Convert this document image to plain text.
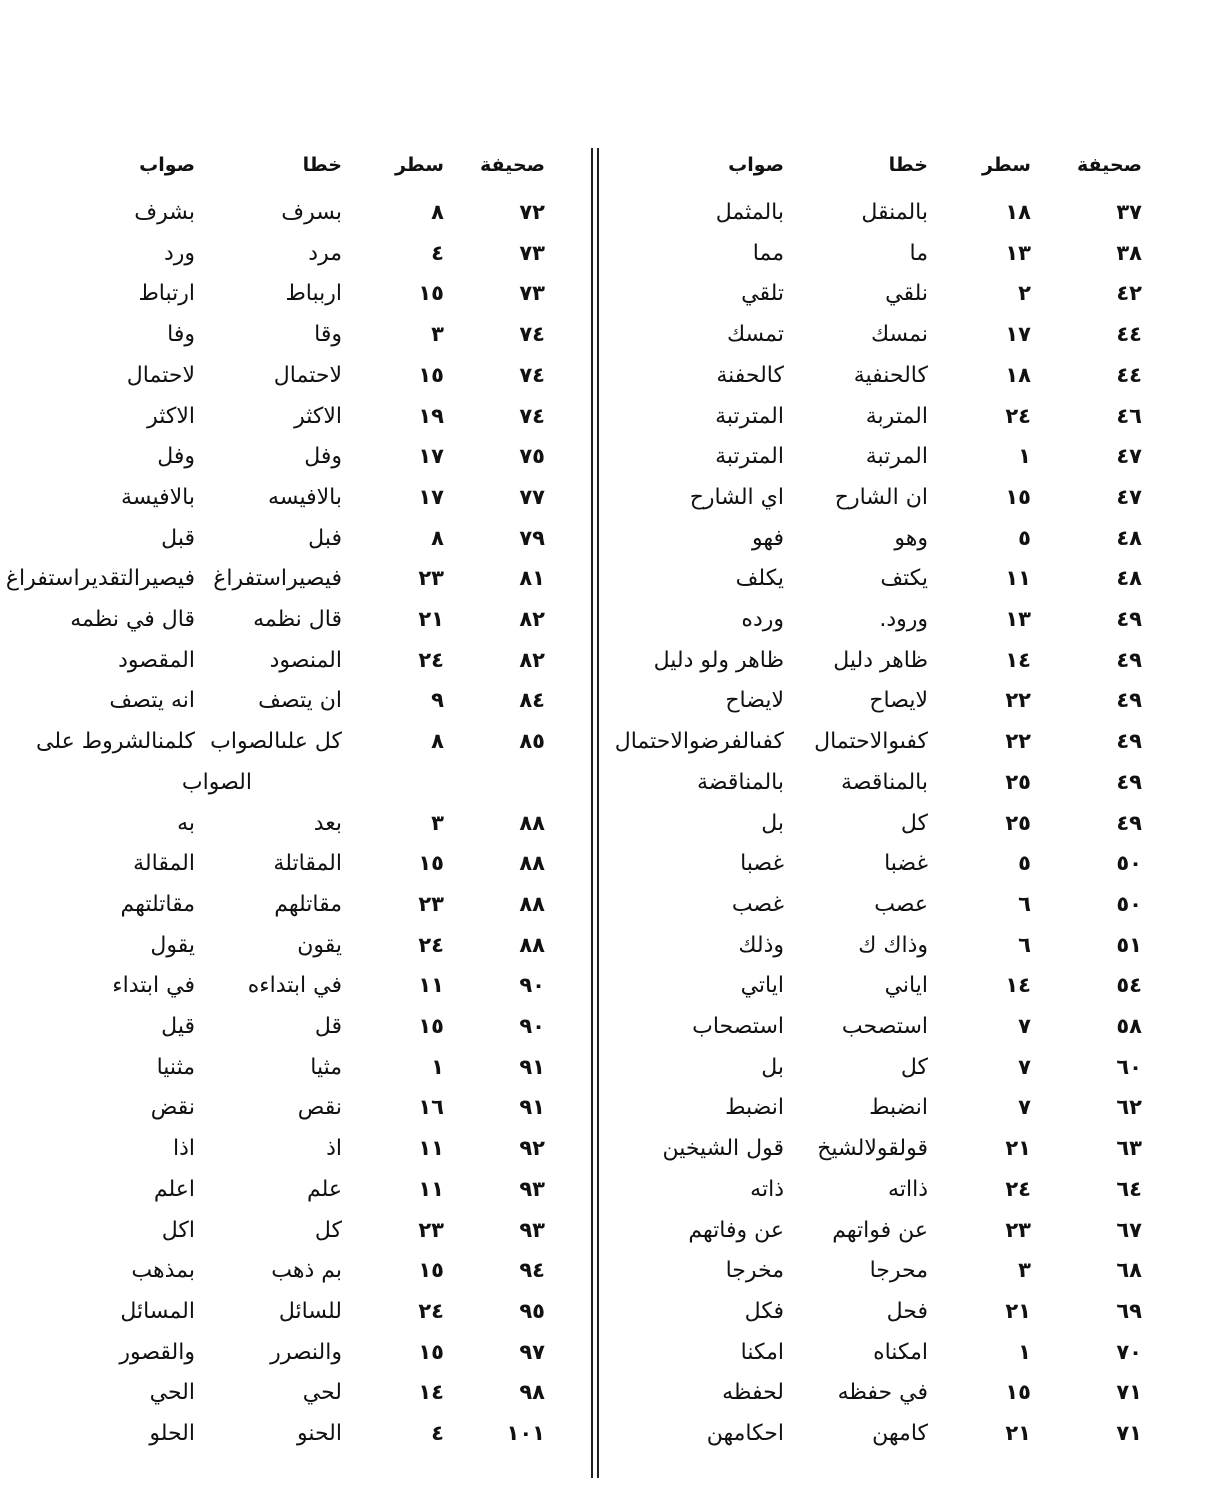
صحيفة
سطر
خطا
صواب
٣٧
١٨
بالمنقل
بالمثمل
٣٨
١٣
ما
مما
٤٢
٢
نلقي
تلقي
٤٤
١٧
نمسك
تمسك
٤٤
١٨
كالحنفية
كالحفنة
٤٦
٢٤
المتربة
المترتبة
٤٧
١
المرتبة
المترتبة
٤٧
١٥
ان الشارح
اي الشارح
٤٨
٥
وهو
فهو
٤٨
١١
يكتف
يكلف
٤٩
١٣
ورود.
ورده
٤٩
١٤
ظاهر دليل
ظاهر ولو دليل
٤٩
٢٢
لايصاح
لايضاح
٤٩
٢٢
كفىوالاحتمال
كفىالفرضوالاحتمال
٤٩
٢٥
بالمناقصة
بالمناقضة
٤٩
٢٥
كل
بل
٥٠
٥
غضبا
غصبا
٥٠
٦
عصب
غصب
٥١
٦
وذاك ك
وذلك
٥٤
١٤
اياني
اياتي
٥٨
٧
استصحب
استصحاب
٦٠
٧
كل
بل
٦٢
٧
انضبط
انضبط
٦٣
٢١
قولقولالشيخ
قول الشيخين
٦٤
٢٤
ذااته
ذاته
٦٧
٢٣
عن فواتهم
عن وفاتهم
٦٨
٣
محرجا
مخرجا
٦٩
٢١
فحل
فكل
٧٠
١
امكناه
امكنا
٧١
١٥
في حفظه
لحفظه
٧١
٢١
كامهن
احكامهن
صحيفة
سطر
خطا
صواب
٧٢
٨
بسرف
بشرف
٧٣
٤
مرد
ورد
٧٣
١٥
اربباط
ارتباط
٧٤
٣
وقا
وفا
٧٤
١٥
لاحتمال
لاحتمال
٧٤
١٩
الاكثر
الاكثر
٧٥
١٧
وفل
وفل
٧٧
١٧
بالافيسه
بالافيسة
٧٩
٨
فبل
قبل
٨١
٢٣
فيصيراستفراغ
فيصيرالتقديراستفراغ
٨٢
٢١
قال نظمه
قال في نظمه
٨٢
٢٤
المنصود
المقصود
٨٤
٩
ان يتصف
انه يتصف
٨٥
٨
كل علىالصواب
كلمنالشروط على
الصواب
٨٨
٣
بعد
به
٨٨
١٥
المقاتلة
المقالة
٨٨
٢٣
مقاتلهم
مقاتلتهم
٨٨
٢٤
يقون
يقول
٩٠
١١
في ابتداءه
في ابتداء
٩٠
١٥
قل
قيل
٩١
١
مثيا
مثنيا
٩١
١٦
نقص
نقض
٩٢
١١
اذ
اذا
٩٣
١١
علم
اعلم
٩٣
٢٣
كل
اكل
٩٤
١٥
بم ذهب
بمذهب
٩٥
٢٤
للسائل
المسائل
٩٧
١٥
والنصرر
والقصور
٩٨
١٤
لحي
الحي
١٠١
٤
الحنو
الحلو
